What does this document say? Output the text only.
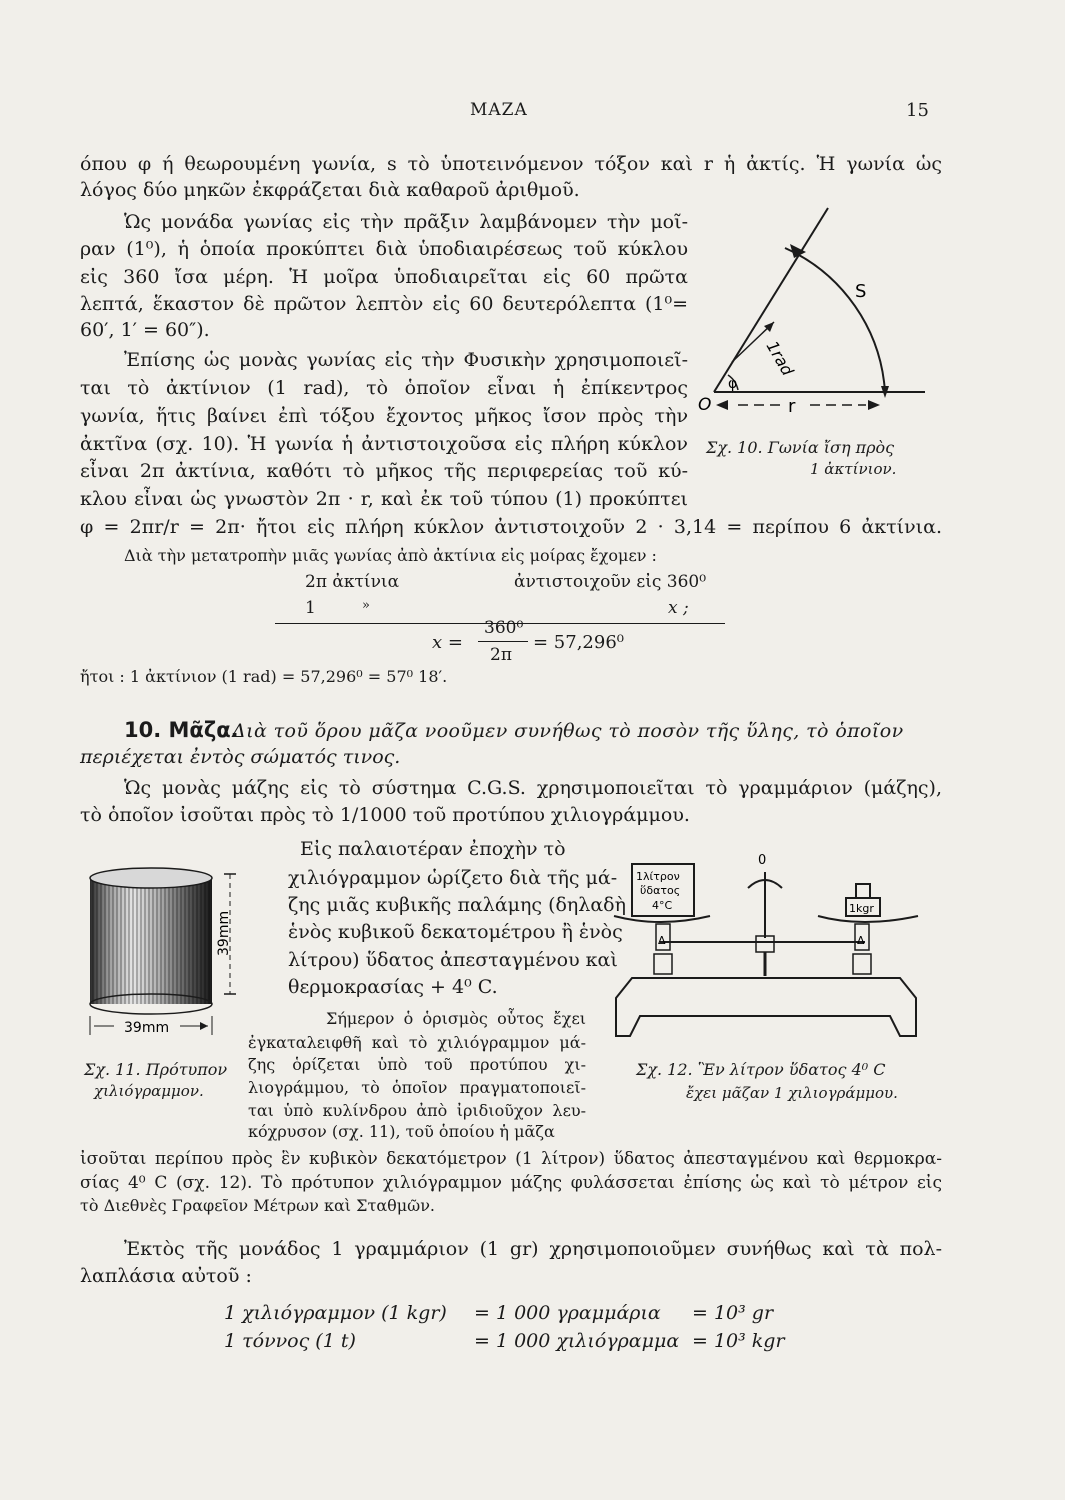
ΜΑΖΑ	15
όπου φ ή θεωρουμένη γωνία, s τὸ ὑποτεινόμενον τόξον καὶ r ἡ ἀκτίς. Ἡ γωνία ὡς
λόγος δύο μηκῶν ἐκφράζεται διὰ καθαροῦ ἀριθμοῦ.
Ὡς μονάδα γωνίας εἰς τὴν πρᾶξιν λαμβάνομεν τὴν μοῖ-
ραν (1⁰), ἡ ὁποία προκύπτει διὰ ὑποδιαιρέσεως τοῦ κύκλου
εἰς 360 ἴσα μέρη. Ἡ μοῖρα ὑποδιαιρεῖται εἰς 60 πρῶτα
λεπτά, ἕκαστον δὲ πρῶτον λεπτὸν εἰς 60 δευτερόλεπτα (1⁰=
60′, 1′ = 60″).
Ἐπίσης ὡς μονὰς γωνίας εἰς τὴν Φυσικὴν χρησιμοποιεῖ-
ται τὸ ἀκτίνιον (1 rad), τὸ ὁποῖον εἶναι ἡ ἐπίκεντρος
γωνία, ἥτις βαίνει ἐπὶ τόξου ἔχοντος μῆκος ἴσον πρὸς τὴν
ἀκτῖνα (σχ. 10). Ἡ γωνία ἡ ἀντιστοιχοῦσα εἰς πλήρη κύκλον
εἶναι 2π ἀκτίνια, καθότι τὸ μῆκος τῆς περιφερείας τοῦ κύ-
κλου εἶναι ὡς γνωστὸν 2π · r, καὶ ἐκ τοῦ τύπου (1) προκύπτει
φ = 2πr/r = 2π· ἤτοι εἰς πλήρη κύκλον ἀντιστοιχοῦν 2 · 3,14 = περίπου 6 ἀκτίνια.
S
1rad
φ
O	r
Σχ. 10. Γωνία ἴση πρὸς
1 ἀκτίνιον.
Διὰ τὴν μετατροπὴν μιᾶς γωνίας ἀπὸ ἀκτίνια εἰς μοίρας ἔχομεν :
2π ἀκτίνια	ἀντιστοιχοῦν εἰς 360⁰
1	»	x ;
x =
360⁰
2π
= 57,296⁰
ἤτοι : 1 ἀκτίνιον (1 rad) = 57,296⁰ = 57⁰ 18′.
10. Μᾶζα.
Διὰ τοῦ ὅρου μᾶζα νοοῦμεν συνήθως τὸ ποσὸν τῆς ὕλης, τὸ ὁποῖον
περιέχεται ἐντὸς σώματός τινος.
Ὡς μονὰς μάζης εἰς τὸ σύστημα C.G.S. χρησιμοποιεῖται τὸ γραμμάριον (μάζης),
τὸ ὁποῖον ἰσοῦται πρὸς τὸ 1/1000 τοῦ προτύπου χιλιογράμμου.
39mm
39mm
Σχ. 11. Πρότυπον
χιλιόγραμμον.
Εἰς παλαιοτέραν ἐποχὴν τὸ
χιλιόγραμμον ὡρίζετο διὰ τῆς μά-
ζης μιᾶς κυβικῆς παλάμης (δηλαδὴ
ἑνὸς κυβικοῦ δεκατομέτρου ἢ ἑνὸς
λίτρου) ὕδατος ἀπεσταγμένου καὶ
θερμοκρασίας + 4⁰ C.
Σήμερον ὁ ὁρισμὸς οὗτος ἔχει
ἐγκαταλειφθῆ καὶ τὸ χιλιόγραμμον μά-
ζης ὁρίζεται ὑπὸ τοῦ προτύπου χι-
λιογράμμου, τὸ ὁποῖον πραγματοποιεῖ-
ται ὑπὸ κυλίνδρου ἀπὸ ἰριδιοῦχον λευ-
κόχρυσον (σχ. 11), τοῦ ὁποίου ἡ μᾶζα
0
1λίτρον
ὕδατος
4°C	1kgr
Δ	Δ
Σχ. 12. Ἓν λίτρον ὕδατος 4⁰ C
ἔχει μᾶζαν 1 χιλιογράμμου.
ἰσοῦται περίπου πρὸς ἓν κυβικὸν δεκατόμετρον (1 λίτρον) ὕδατος ἀπεσταγμένου καὶ θερμοκρα-
σίας 4⁰ C (σχ. 12). Τὸ πρότυπον χιλιόγραμμον μάζης φυλάσσεται ἐπίσης ὡς καὶ τὸ μέτρον εἰς
τὸ Διεθνὲς Γραφεῖον Μέτρων καὶ Σταθμῶν.
Ἐκτὸς τῆς μονάδος 1 γραμμάριον (1 gr) χρησιμοποιοῦμεν συνήθως καὶ τὰ πολ-
λαπλάσια αὐτοῦ :
1 χιλιόγραμμον (1 kgr) = 1 000 γραμμάρια = 10³ gr
1 τόννος (1 t)	= 1 000 χιλιόγραμμα = 10³ kgr
